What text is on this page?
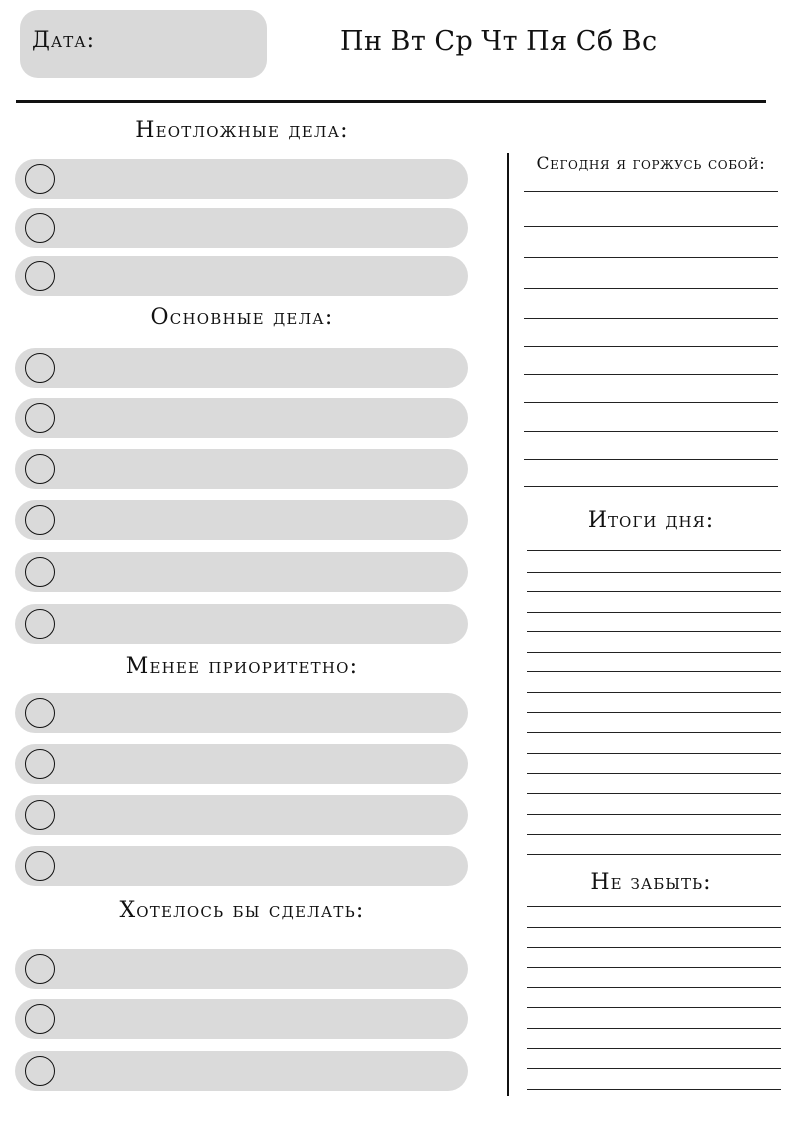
Дата:	Пн Вт Ср Чт Пя Сб Вс
Неотложные дела:
Основные дела:
Менее приоритетно:
Хотелось бы сделать:
Сегодня я горжусь собой:
Итоги дня:
Не забыть:
